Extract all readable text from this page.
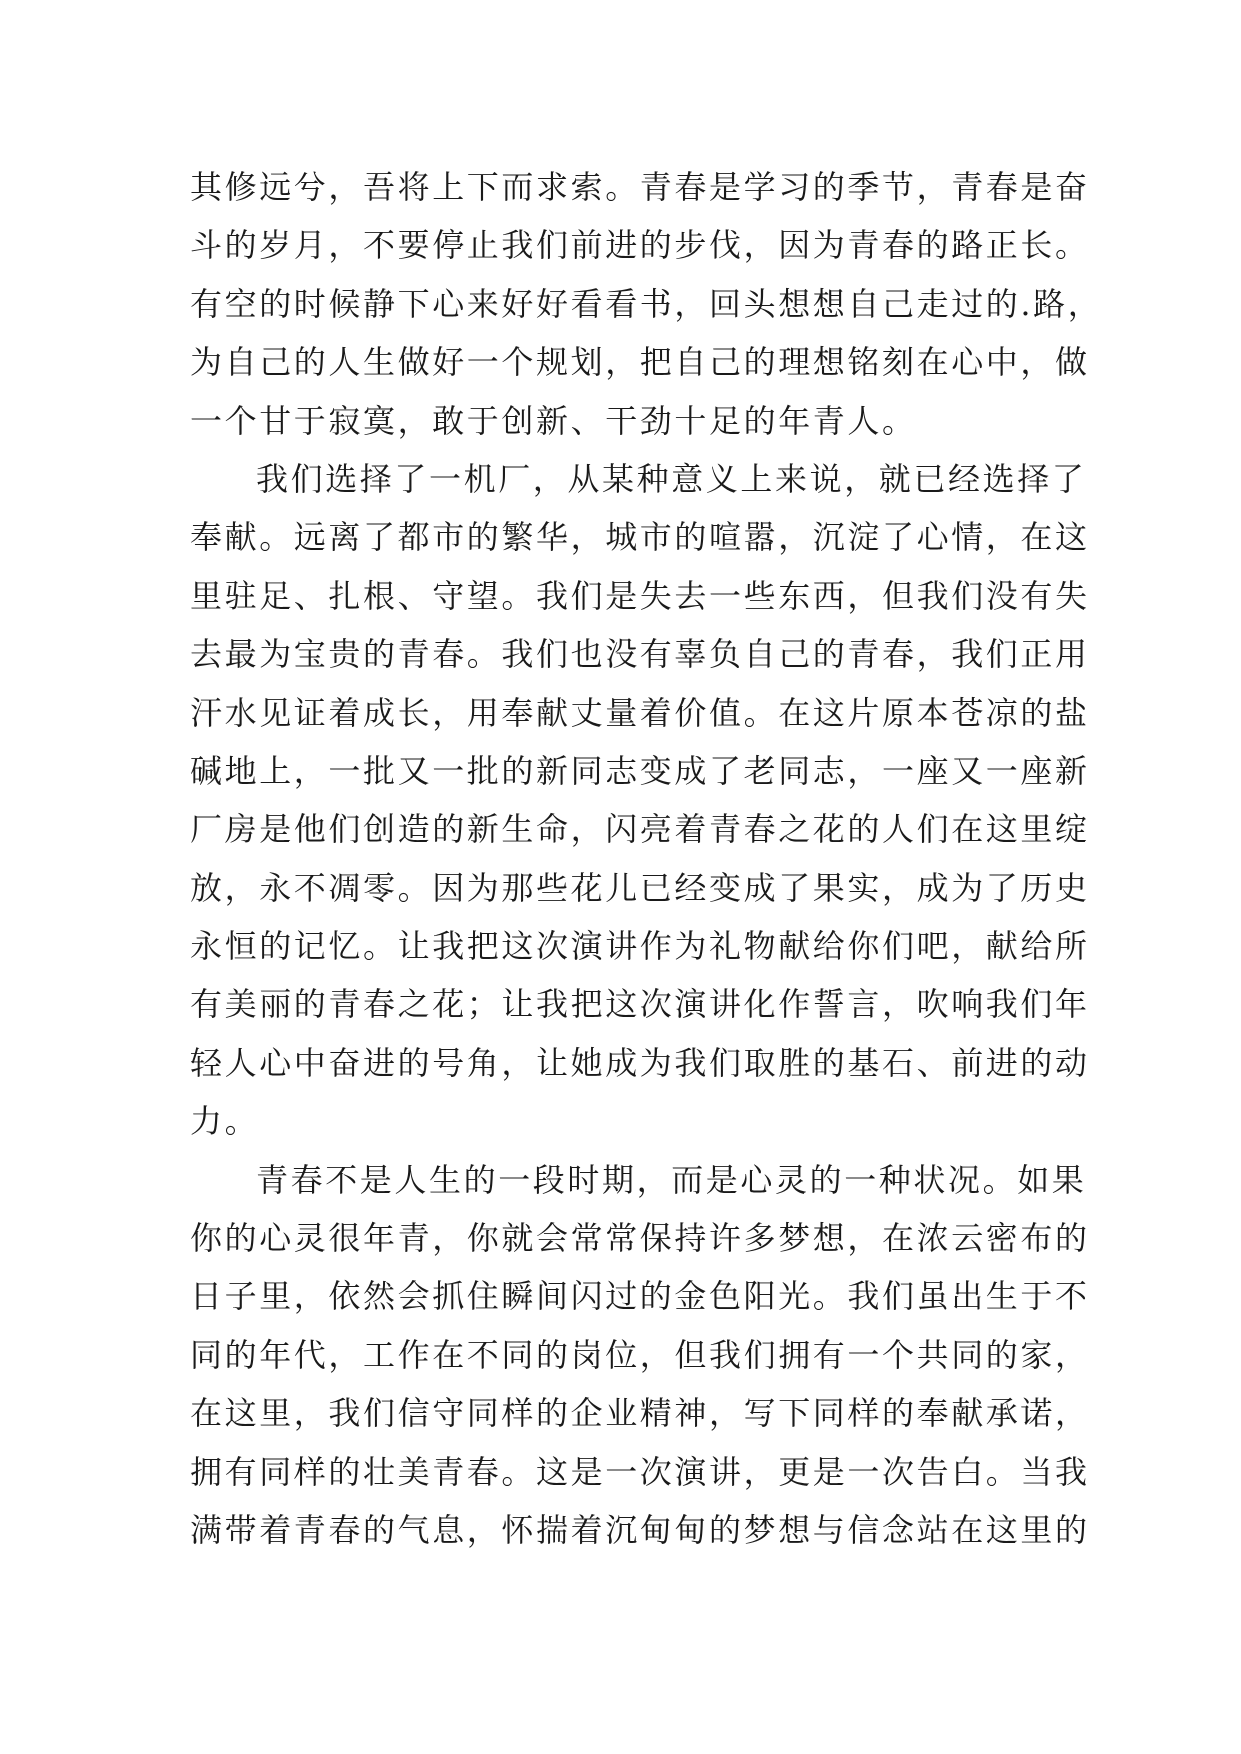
其修远兮，吾将上下而求索。青春是学习的季节，青春是奋
斗的岁月，不要停止我们前进的步伐，因为青春的路正长。
有空的时候静下心来好好看看书，回头想想自己走过的.路，
为自己的人生做好一个规划，把自己的理想铭刻在心中，做
一个甘于寂寞，敢于创新、干劲十足的年青人。
我们选择了一机厂，从某种意义上来说，就已经选择了
奉献。远离了都市的繁华，城市的喧嚣，沉淀了心情，在这
里驻足、扎根、守望。我们是失去一些东西，但我们没有失
去最为宝贵的青春。我们也没有辜负自己的青春，我们正用
汗水见证着成长，用奉献丈量着价值。在这片原本苍凉的盐
碱地上，一批又一批的新同志变成了老同志，一座又一座新
厂房是他们创造的新生命，闪亮着青春之花的人们在这里绽
放，永不凋零。因为那些花儿已经变成了果实，成为了历史
永恒的记忆。让我把这次演讲作为礼物献给你们吧，献给所
有美丽的青春之花；让我把这次演讲化作誓言，吹响我们年
轻人心中奋进的号角，让她成为我们取胜的基石、前进的动
力。
青春不是人生的一段时期，而是心灵的一种状况。如果
你的心灵很年青，你就会常常保持许多梦想，在浓云密布的
日子里，依然会抓住瞬间闪过的金色阳光。我们虽出生于不
同的年代，工作在不同的岗位，但我们拥有一个共同的家，
在这里，我们信守同样的企业精神，写下同样的奉献承诺，
拥有同样的壮美青春。这是一次演讲，更是一次告白。当我
满带着青春的气息，怀揣着沉甸甸的梦想与信念站在这里的
